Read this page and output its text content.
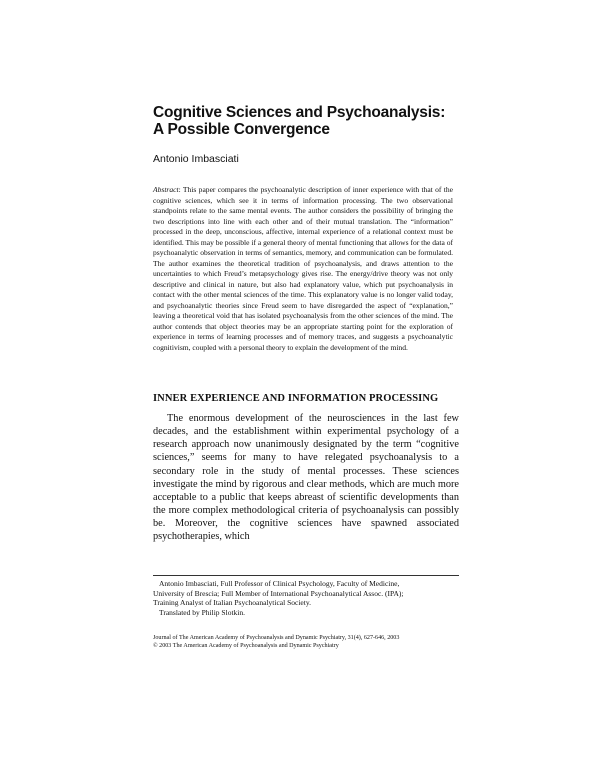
Cognitive Sciences and Psychoanalysis:
A Possible Convergence
Antonio Imbasciati
Abstract: This paper compares the psychoanalytic description of inner experience with that of the cognitive sciences, which see it in terms of information processing. The two observational standpoints relate to the same mental events. The author considers the possibility of bringing the two descriptions into line with each other and of their mutual translation. The “information” processed in the deep, unconscious, affective, internal experience of a relational context must be identified. This may be possible if a general theory of mental functioning that allows for the data of psychoanalytic observation in terms of semantics, memory, and communication can be formulated. The author examines the theoretical tradition of psychoanalysis, and draws attention to the uncertainties to which Freud’s metapsychology gives rise. The energy/drive theory was not only descriptive and clinical in nature, but also had explanatory value, which put psychoanalysis in contact with the other mental sciences of the time. This explanatory value is no longer valid today, and psychoanalytic theories since Freud seem to have disregarded the aspect of “explanation,” leaving a theoretical void that has isolated psychoanalysis from the other sciences of the mind. The author contends that object theories may be an appropriate starting point for the exploration of experience in terms of learning processes and of memory traces, and suggests a psychoanalytic cognitivism, coupled with a personal theory to explain the development of the mind.
INNER EXPERIENCE AND INFORMATION PROCESSING

The enormous development of the neurosciences in the last few decades, and the establishment within experimental psychology of a research approach now unanimously designated by the term “cognitive sciences,” seems for many to have relegated psychoanalysis to a secondary role in the study of mental processes. These sciences investigate the mind by rigorous and clear methods, which are much more acceptable to a public that keeps abreast of scientific developments than the more complex methodological criteria of psychoanalysis can possibly be. Moreover, the cognitive sciences have spawned associated psychotherapies, which

Antonio Imbasciati, Full Professor of Clinical Psychology, Faculty of Medicine,
University of Brescia; Full Member of International Psychoanalytical Assoc. (IPA);
Training Analyst of Italian Psychoanalytical Society.
Translated by Philip Slotkin.
Journal of The American Academy of Psychoanalysis and Dynamic Psychiatry, 31(4), 627-646, 2003
© 2003 The American Academy of Psychoanalysis and Dynamic Psychiatry
